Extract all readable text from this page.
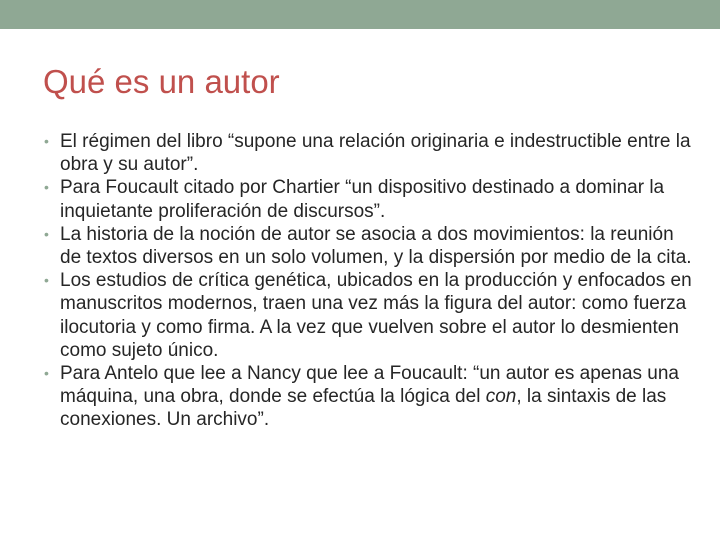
Qué es un autor
• El régimen del libro “supone una relación originaria e indestructible entre la obra y su autor”.
• Para Foucault citado por Chartier “un dispositivo destinado a dominar la inquietante proliferación de discursos”.
• La historia de la noción de autor se asocia a dos movimientos: la reunión de textos diversos en un solo volumen, y la dispersión por medio de la cita.
• Los estudios de crítica genética, ubicados en la producción y enfocados en manuscritos modernos, traen una vez más la figura del autor: como fuerza ilocutoria y como firma. A la vez que vuelven sobre el autor lo desmienten como sujeto único.
• Para Antelo que lee a Nancy que lee a Foucault: “un autor es apenas una máquina, una obra, donde se efectúa la lógica del con, la sintaxis de las conexiones. Un archivo”.
